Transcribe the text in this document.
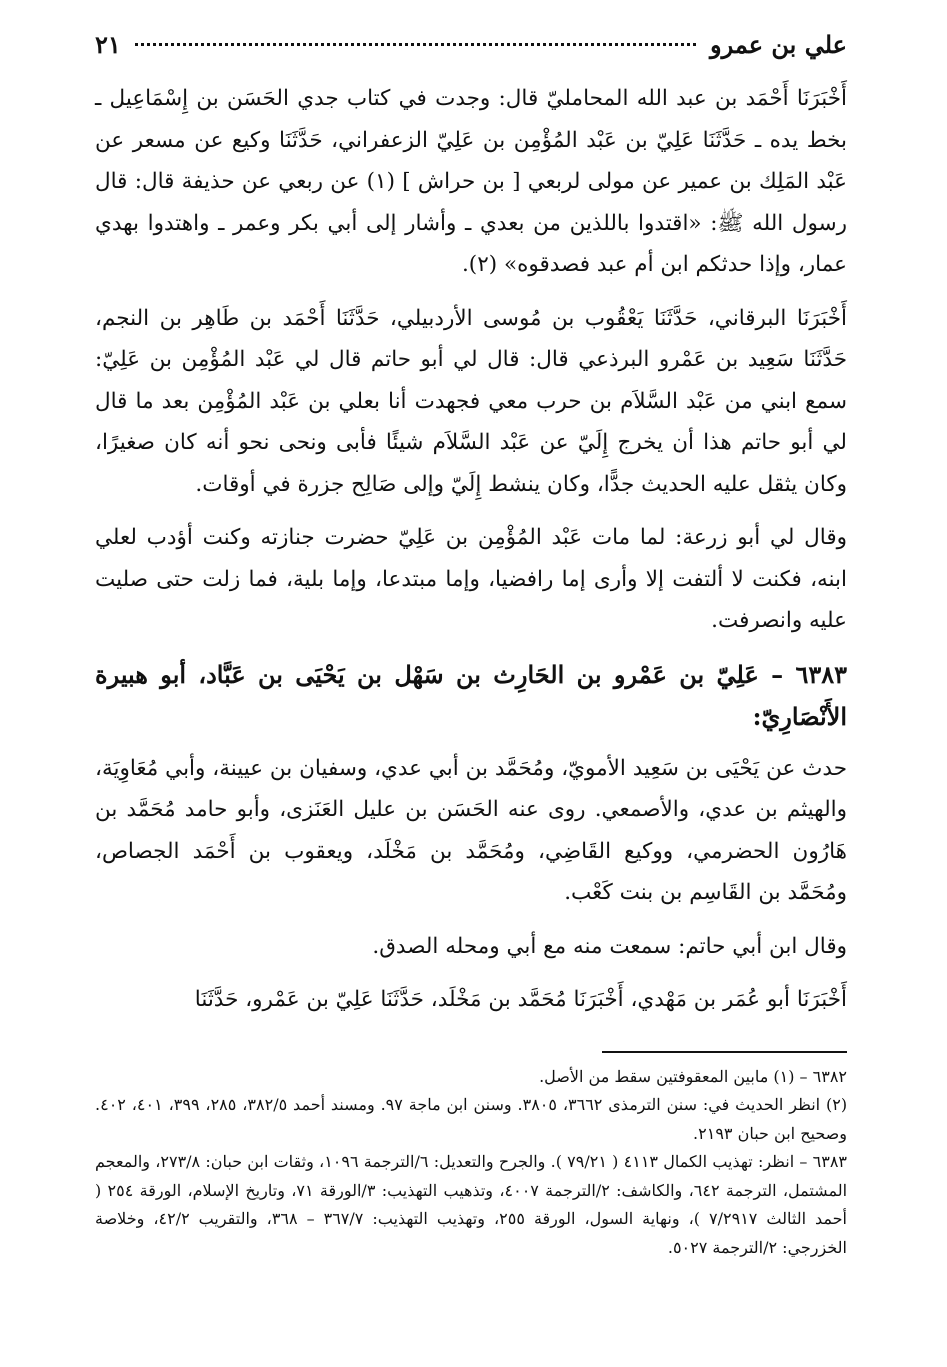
علي بن عمرو
٢١

أَخْبَرَنَا أَحْمَد بن عبد الله المحامليّ قال: وجدت في كتاب جدي الحَسَن بن إِسْمَاعِيل ـ بخط يده ـ حَدَّثَنَا عَلِيّ بن عَبْد المُؤْمِن بن عَلِيّ الزعفراني، حَدَّثَنَا وكيع عن مسعر عن عَبْد المَلِك بن عمير عن مولى لربعي [ بن حراش ] (١) عن ربعي عن حذيفة قال: قال رسول الله ﷺ: «اقتدوا باللذين من بعدي ـ وأشار إلى أبي بكر وعمر ـ واهتدوا بهدي عمار، وإذا حدثكم ابن أم عبد فصدقوه» (٢).

أَخْبَرَنَا البرقاني، حَدَّثَنَا يَعْقُوب بن مُوسى الأردبيلي، حَدَّثَنَا أَحْمَد بن طَاهِر بن النجم، حَدَّثَنَا سَعِيد بن عَمْرو البرذعي قال: قال لي أبو حاتم قال لي عَبْد المُؤْمِن بن عَلِيّ: سمع ابني من عَبْد السَّلاَم بن حرب معي فجهدت أنا بعلي بن عَبْد المُؤْمِن بعد ما قال لي أبو حاتم هذا أن يخرج إِلَيّ عن عَبْد السَّلاَم شيئًا فأبى ونحى نحو أنه كان صغيرًا، وكان يثقل عليه الحديث جدًّا، وكان ينشط إِلَيّ وإلى صَالِح جزرة في أوقات.

وقال لي أبو زرعة: لما مات عَبْد المُؤْمِن بن عَلِيّ حضرت جنازته وكنت أؤدب لعلي ابنه، فكنت لا ألتفت إلا وأرى إما رافضيا، وإما مبتدعا، وإما بلية، فما زلت حتى صليت عليه وانصرفت.

٦٣٨٣ – عَلِيّ بن عَمْرو بن الحَارِث بن سَهْل بن يَحْيَى بن عَبَّاد، أبو هبيرة الأَنْصَارِيّ:

حدث عن يَحْيَى بن سَعِيد الأمويّ، ومُحَمَّد بن أبي عدي، وسفيان بن عيينة، وأبي مُعَاوِيَة، والهيثم بن عدي، والأصمعي. روى عنه الحَسَن بن عليل العَنَزى، وأبو حامد مُحَمَّد بن هَارُون الحضرمي، ووكيع القَاضِي، ومُحَمَّد بن مَخْلَد، ويعقوب بن أَحْمَد الجصاص، ومُحَمَّد بن القَاسِم بن بنت كَعْب.

وقال ابن أبي حاتم: سمعت منه مع أبي ومحله الصدق.

أَخْبَرَنَا أبو عُمَر بن مَهْدي، أَخْبَرَنَا مُحَمَّد بن مَخْلَد، حَدَّثَنَا عَلِيّ بن عَمْرو، حَدَّثَنَا

٦٣٨٢ – (١) مابين المعقوفتين سقط من الأصل.

(٢) انظر الحديث في: سنن الترمذى ٣٦٦٢، ٣٨٠٥. وسنن ابن ماجة ٩٧. ومسند أحمد ٣٨٢/٥، ٢٨٥، ٣٩٩، ٤٠١، ٤٠٢. وصحيح ابن حبان ٢١٩٣.

٦٣٨٣ – انظر: تهذيب الكمال ٤١١٣ ( ٧٩/٢١ ). والجرح والتعديل: ٦/الترجمة ١٠٩٦، وثقات ابن حبان: ٢٧٣/٨، والمعجم المشتمل، الترجمة ٦٤٢، والكاشف: ٢/الترجمة ٤٠٠٧، وتذهيب التهذيب: ٣/الورقة ٧١، وتاريخ الإسلام، الورقة ٢٥٤ ( أحمد الثالث ٧/٢٩١٧ )، ونهاية السول، الورقة ٢٥٥، وتهذيب التهذيب: ٣٦٧/٧ – ٣٦٨، والتقريب ٤٢/٢، وخلاصة الخزرجي: ٢/الترجمة ٥٠٢٧.
